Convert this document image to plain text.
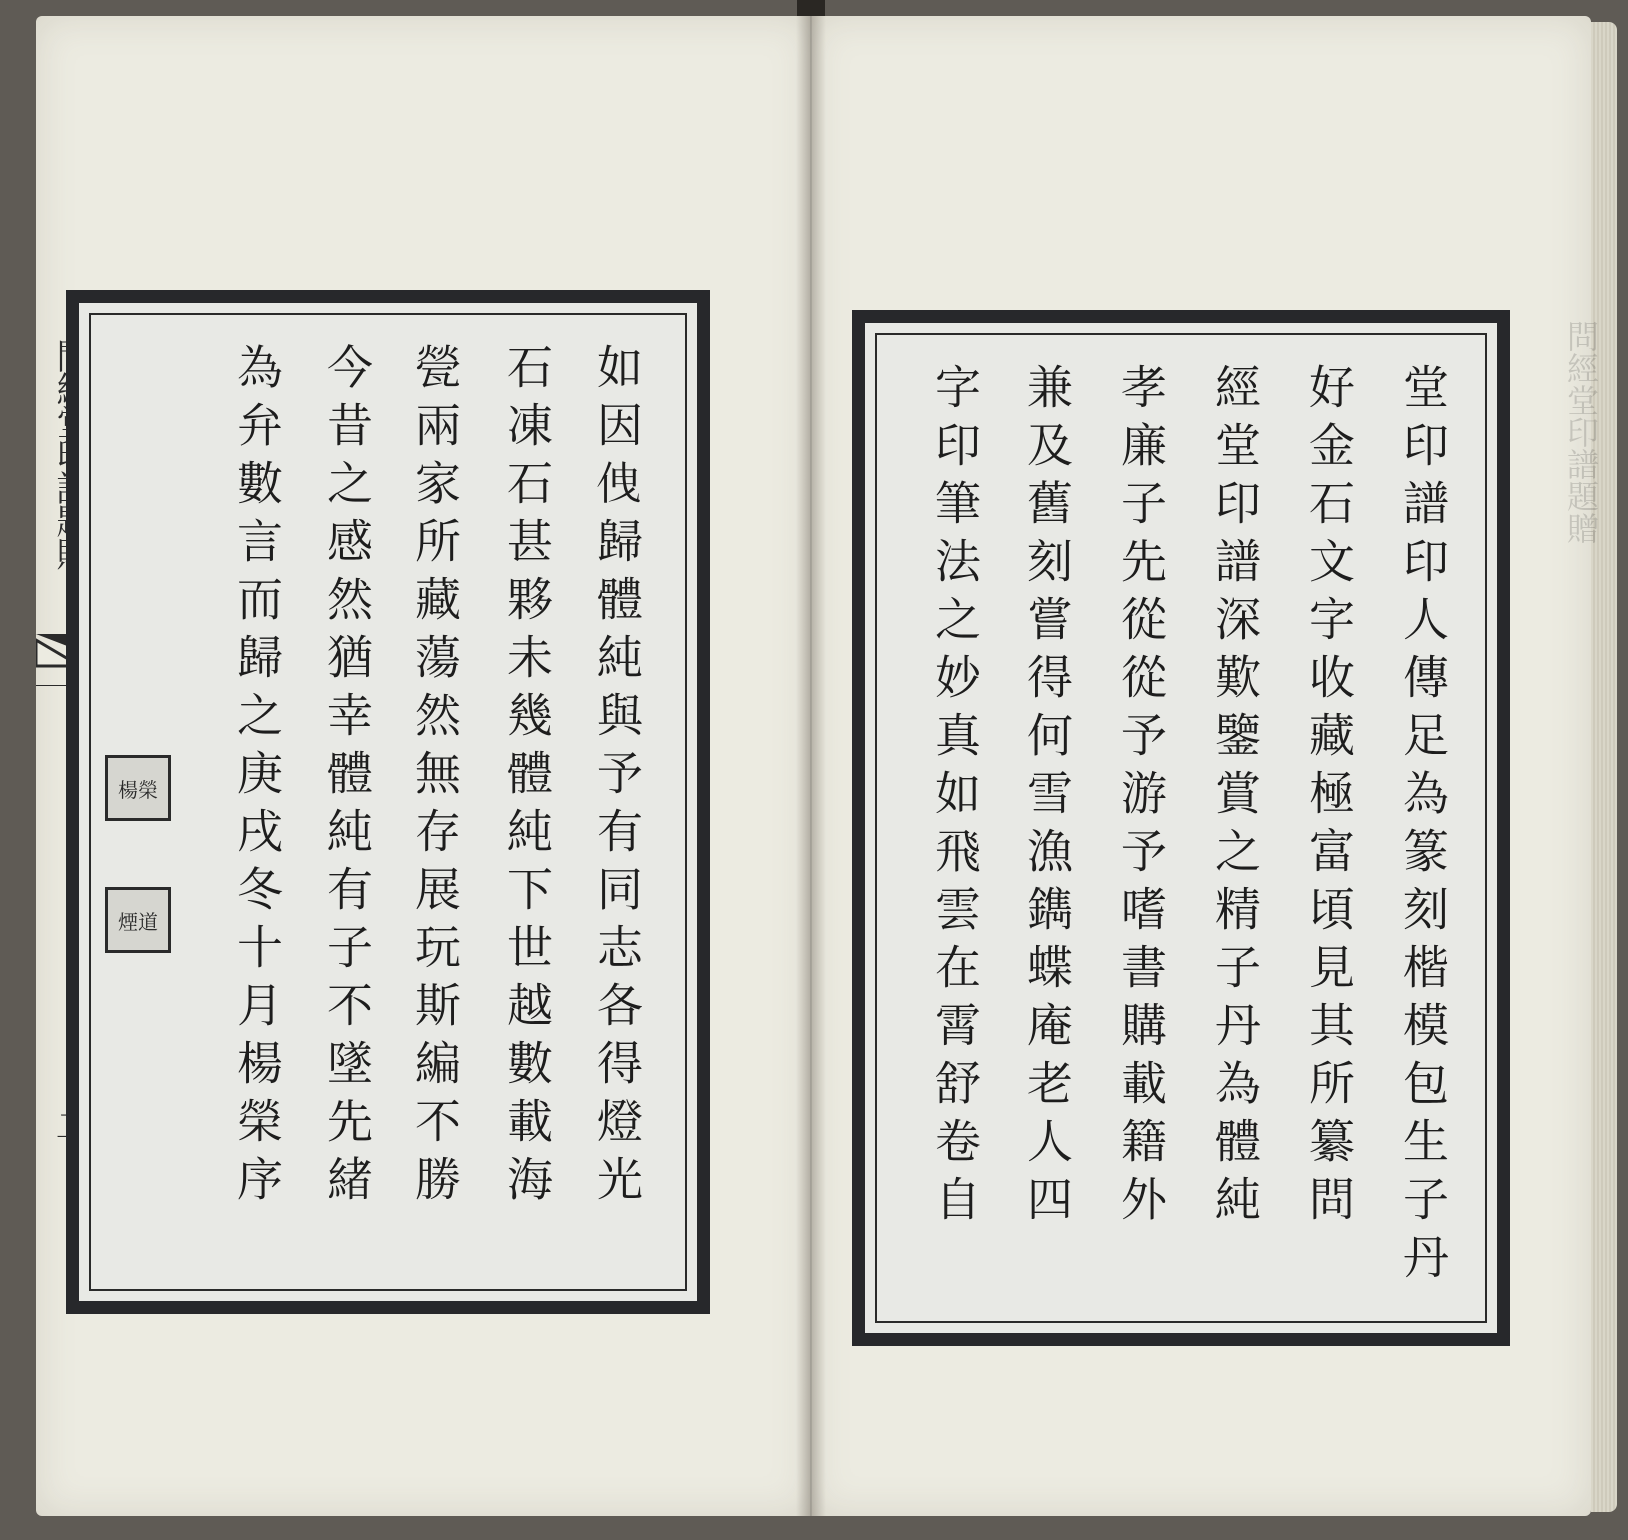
問經堂印譜題贈
如因𠈐歸體純與予有同志各得燈光
石凍石甚夥未幾體純下世越數載海
甇兩家所藏蕩然無存展玩斯編不勝
今昔之感然猶幸體純有子不墜先緒
為弁數言而歸之庚戌冬十月楊榮序
楊榮
煙道	堂印譜印人傳足為篆刻楷模包生子丹
好金石文字收藏極富頃見其所纂問
經堂印譜深歎鑒賞之精子丹為體純
孝廉子先從從予游予嗜書購載籍外
兼及舊刻嘗得何雪漁鐫蝶庵老人四
字印筆法之妙真如飛雲在霄舒卷自
